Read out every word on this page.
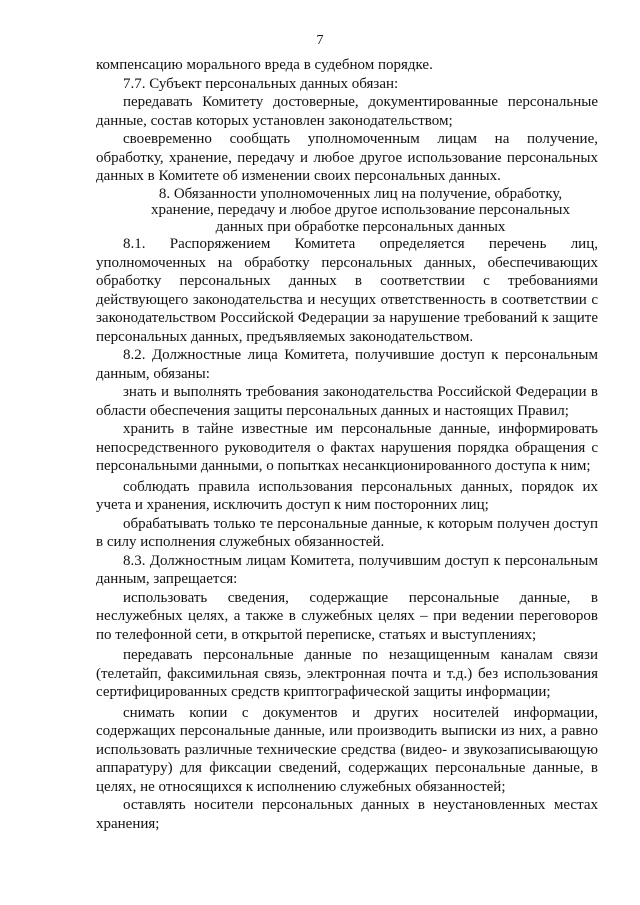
7

компенсацию морального вреда в судебном порядке.

7.7. Субъект персональных данных обязан:

передавать Комитету достоверные, документированные персональные данные, состав которых установлен законодательством;

своевременно сообщать уполномоченным лицам на получение, обработку, хранение, передачу и любое другое использование персональных данных в Комитете об изменении своих персональных данных.

8. Обязанности уполномоченных лиц на получение, обработку,
хранение, передачу и любое другое использование персональных
данных при обработке персональных данных

8.1. Распоряжением Комитета определяется перечень лиц, уполномоченных на обработку персональных данных, обеспечивающих обработку персональных данных в соответствии с требованиями действующего законодательства и несущих ответственность в соответствии с законодательством Российской Федерации за нарушение требований к защите персональных данных, предъявляемых законодательством.

8.2. Должностные лица Комитета, получившие доступ к персональным данным, обязаны:

знать и выполнять требования законодательства Российской Федерации в области обеспечения защиты персональных данных и настоящих Правил;

хранить в тайне известные им персональные данные, информировать непосредственного руководителя о фактах нарушения порядка обращения с персональными данными, о попытках несанкционированного доступа к ним;

соблюдать правила использования персональных данных, порядок их учета и хранения, исключить доступ к ним посторонних лиц;

обрабатывать только те персональные данные, к которым получен доступ в силу исполнения служебных обязанностей.

8.3. Должностным лицам Комитета, получившим доступ к персональным данным, запрещается:

использовать сведения, содержащие персональные данные, в неслужебных целях, а также в служебных целях – при ведении переговоров по телефонной сети, в открытой переписке, статьях и выступлениях;

передавать персональные данные по незащищенным каналам связи (телетайп, факсимильная связь, электронная почта и т.д.) без использования сертифицированных средств криптографической защиты информации;

снимать копии с документов и других носителей информации, содержащих персональные данные, или производить выписки из них, а равно использовать различные технические средства (видео- и звукозаписывающую аппаратуру) для фиксации сведений, содержащих персональные данные, в целях, не относящихся к исполнению служебных обязанностей;

оставлять носители персональных данных в неустановленных местах хранения;
